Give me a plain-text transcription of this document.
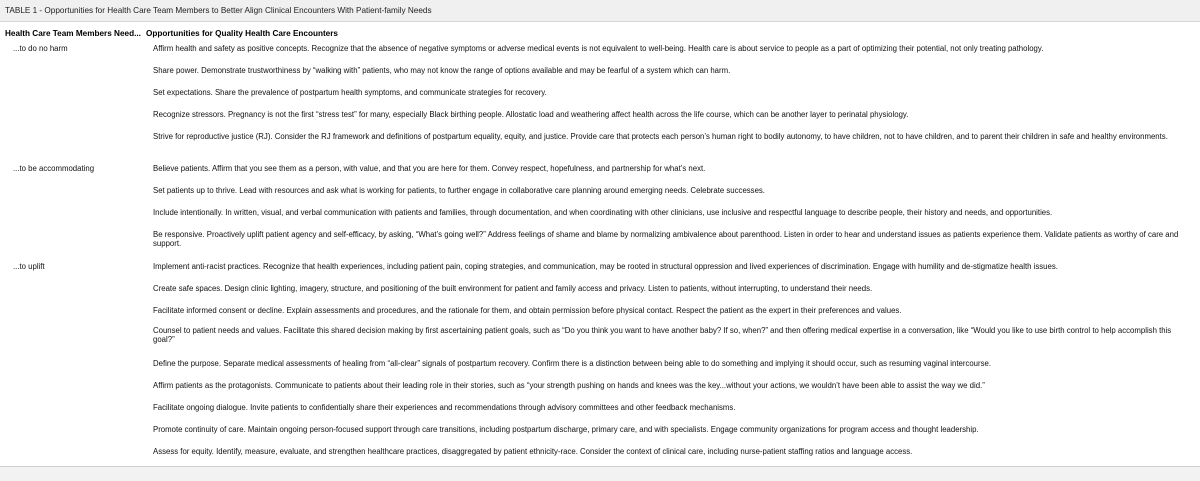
TABLE 1 - Opportunities for Health Care Team Members to Better Align Clinical Encounters With Patient-family Needs
Health Care Team Members Need... Opportunities for Quality Health Care Encounters
...to do no harm	Affirm health and safety as positive concepts. Recognize that the absence of negative symptoms or adverse medical events is not equivalent to well-being. Health care is about service to people as a part of optimizing their potential, not only treating pathology.
Share power. Demonstrate trustworthiness by “walking with” patients, who may not know the range of options available and may be fearful of a system which can harm.
Set expectations. Share the prevalence of postpartum health symptoms, and communicate strategies for recovery.
Recognize stressors. Pregnancy is not the first “stress test” for many, especially Black birthing people. Allostatic load and weathering affect health across the life course, which can be another layer to perinatal physiology.
Strive for reproductive justice (RJ). Consider the RJ framework and definitions of postpartum equality, equity, and justice. Provide care that protects each person’s human right to bodily autonomy, to have children, not to have children, and to parent their children in safe and healthy environments.
...to be accommodating	Believe patients. Affirm that you see them as a person, with value, and that you are here for them. Convey respect, hopefulness, and partnership for what’s next.
Set patients up to thrive. Lead with resources and ask what is working for patients, to further engage in collaborative care planning around emerging needs. Celebrate successes.
Include intentionally. In written, visual, and verbal communication with patients and families, through documentation, and when coordinating with other clinicians, use inclusive and respectful language to describe people, their history and needs, and opportunities.
Be responsive. Proactively uplift patient agency and self-efficacy, by asking, “What’s going well?” Address feelings of shame and blame by normalizing ambivalence about parenthood. Listen in order to hear and understand issues as patients experience them. Validate patients as worthy of care and support.
...to uplift	Implement anti-racist practices. Recognize that health experiences, including patient pain, coping strategies, and communication, may be rooted in structural oppression and lived experiences of discrimination. Engage with humility and de-stigmatize health issues.
Create safe spaces. Design clinic lighting, imagery, structure, and positioning of the built environment for patient and family access and privacy. Listen to patients, without interrupting, to understand their needs.
Facilitate informed consent or decline. Explain assessments and procedures, and the rationale for them, and obtain permission before physical contact. Respect the patient as the expert in their preferences and values.
Counsel to patient needs and values. Facilitate this shared decision making by first ascertaining patient goals, such as “Do you think you want to have another baby? If so, when?” and then offering medical expertise in a conversation, like “Would you like to use birth control to help accomplish this goal?”
Define the purpose. Separate medical assessments of healing from “all-clear” signals of postpartum recovery. Confirm there is a distinction between being able to do something and implying it should occur, such as resuming vaginal intercourse.
Affirm patients as the protagonists. Communicate to patients about their leading role in their stories, such as “your strength pushing on hands and knees was the key...without your actions, we wouldn’t have been able to assist the way we did.”
Facilitate ongoing dialogue. Invite patients to confidentially share their experiences and recommendations through advisory committees and other feedback mechanisms.
Promote continuity of care. Maintain ongoing person-focused support through care transitions, including postpartum discharge, primary care, and with specialists. Engage community organizations for program access and thought leadership.
Assess for equity. Identify, measure, evaluate, and strengthen healthcare practices, disaggregated by patient ethnicity-race. Consider the context of clinical care, including nurse-patient staffing ratios and language access.
